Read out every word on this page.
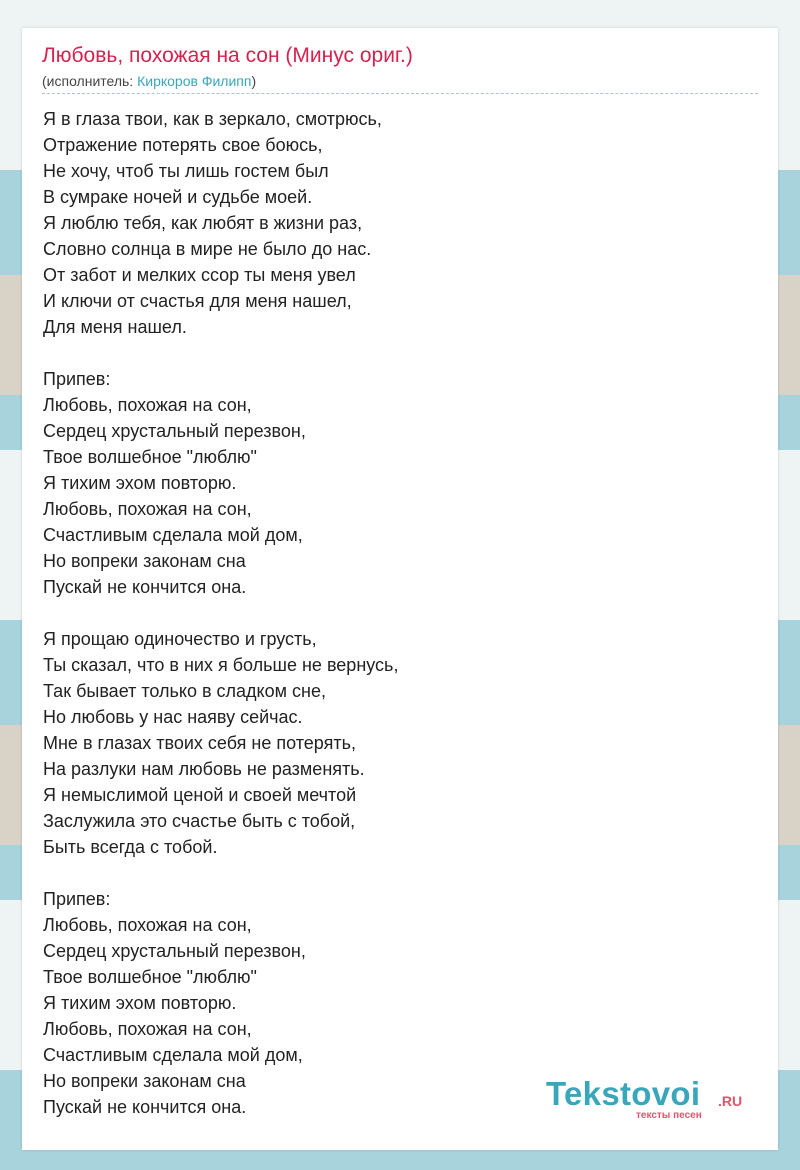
Любовь, похожая на сон (Минус ориг.)
(исполнитель: Киркоров Филипп)
Я в глаза твои, как в зеркало, смотрюсь,
Отражение потерять свое боюсь,
Не хочу, чтоб ты лишь гостем был
В сумраке ночей и судьбе моей.
Я люблю тебя, как любят в жизни раз,
Словно солнца в мире не было до нас.
От забот и мелких ссор ты меня увел
И ключи от счастья для меня нашел,
Для меня нашел.
Припев:
Любовь, похожая на сон,
Сердец хрустальный перезвон,
Твое волшебное "люблю"
Я тихим эхом повторю.
Любовь, похожая на сон,
Счастливым сделала мой дом,
Но вопреки законам сна
Пускай не кончится она.
Я прощаю одиночество и грусть,
Ты сказал, что в них я больше не вернусь,
Так бывает только в сладком сне,
Но любовь у нас наяву сейчас.
Мне в глазах твоих себя не потерять,
На разлуки нам любовь не разменять.
Я немыслимой ценой и своей мечтой
Заслужила это счастье быть с тобой,
Быть всегда с тобой.
Припев:
Любовь, похожая на сон,
Сердец хрустальный перезвон,
Твое волшебное "люблю"
Я тихим эхом повторю.
Любовь, похожая на сон,
Счастливым сделала мой дом,
Но вопреки законам сна
Пускай не кончится она.	Tekstovoi .RU
тексты песен
